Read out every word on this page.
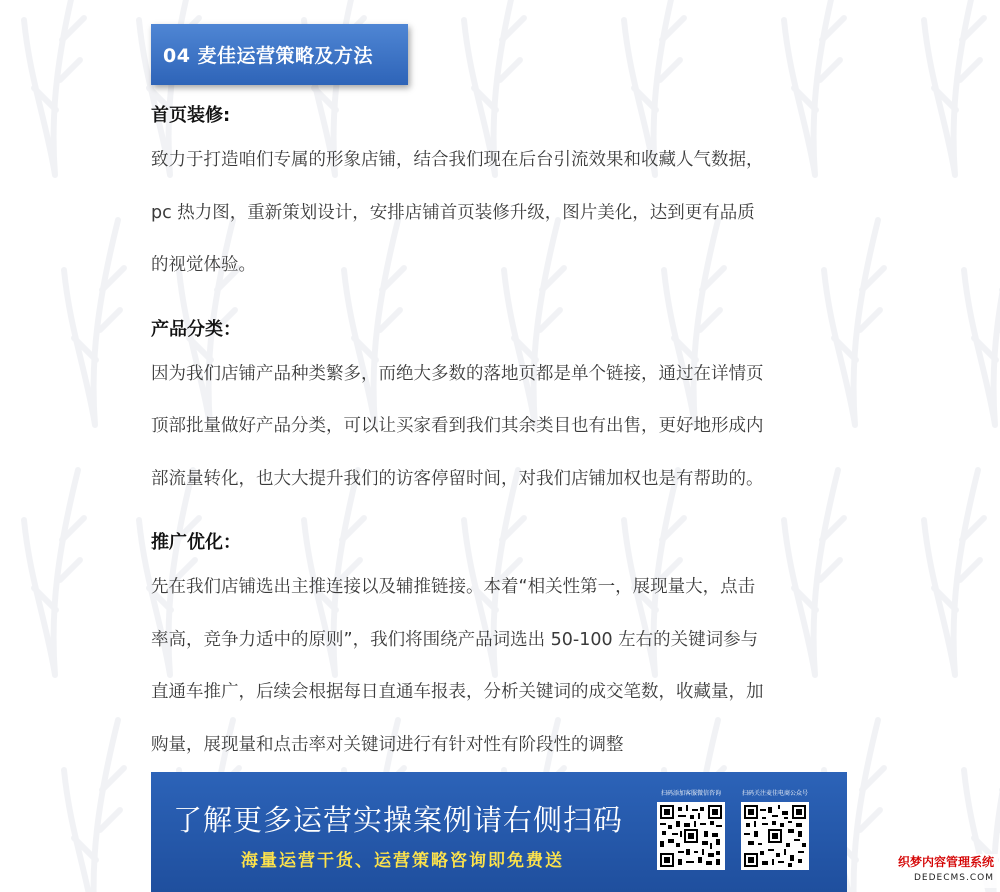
04 麦佳运营策略及方法
首页装修:

致力于打造咱们专属的形象店铺，结合我们现在后台引流效果和收藏人气数据，

pc 热力图，重新策划设计，安排店铺首页装修升级，图片美化，达到更有品质

的视觉体验。

产品分类：

因为我们店铺产品种类繁多，而绝大多数的落地页都是单个链接，通过在详情页

顶部批量做好产品分类，可以让买家看到我们其余类目也有出售，更好地形成内

部流量转化，也大大提升我们的访客停留时间，对我们店铺加权也是有帮助的。

推广优化：

先在我们店铺选出主推连接以及辅推链接。本着“相关性第一，展现量大，点击

率高，竞争力适中的原则”，我们将围绕产品词选出 50-100 左右的关键词参与

直通车推广，后续会根据每日直通车报表，分析关键词的成交笔数，收藏量，加

购量，展现量和点击率对关键词进行有针对性有阶段性的调整

了解更多运营实操案例请右侧扫码
海量运营干货、运营策略咨询即免费送
扫码添加客服微信咨询	扫码关注麦佳电商公众号
织梦内容管理系统
DEDECMS.COM
